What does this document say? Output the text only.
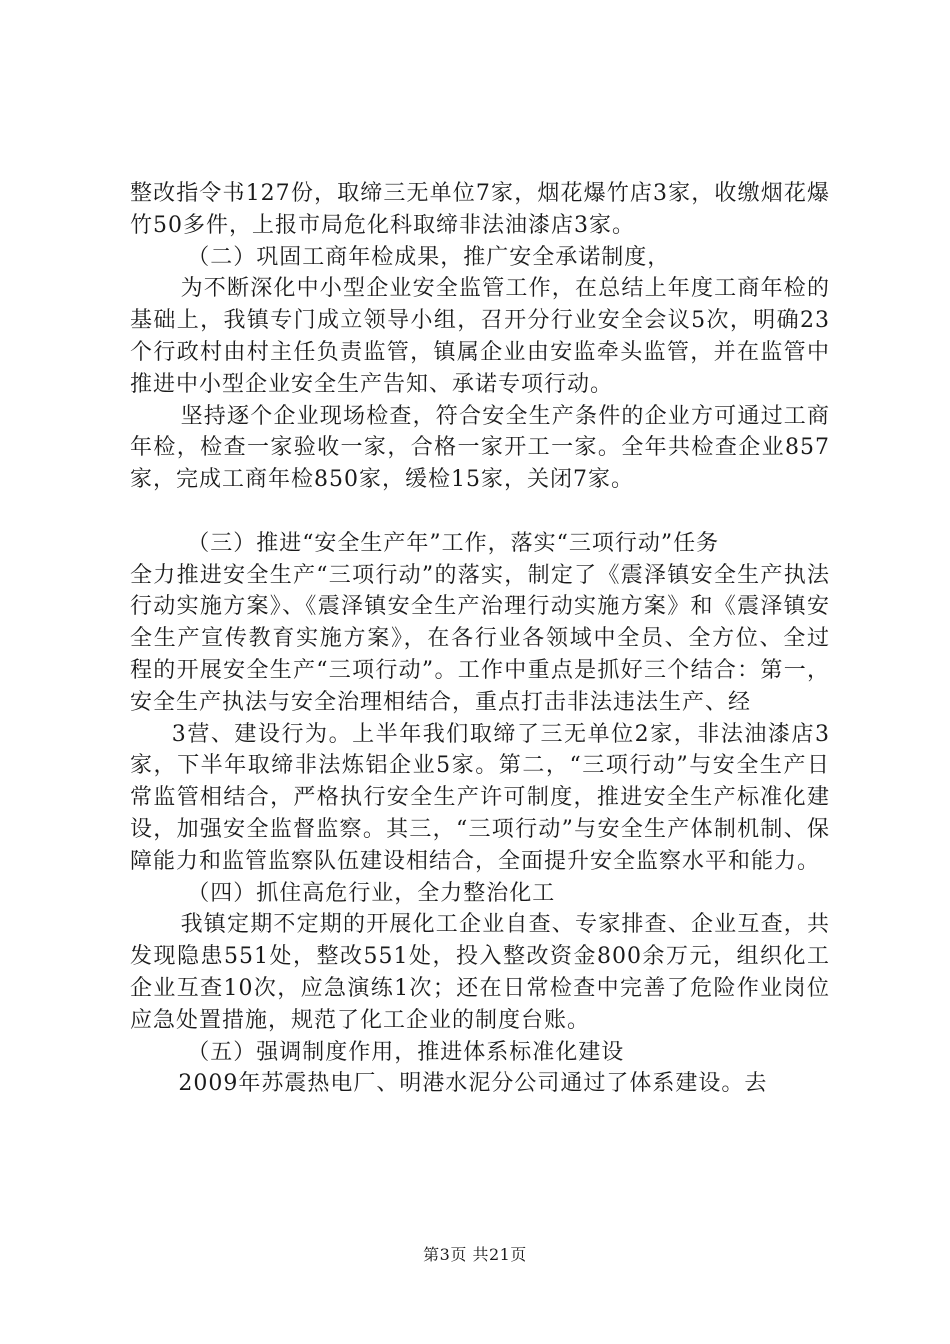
整改指令书127份，取缔三无单位7家，烟花爆竹店3家，收缴烟花爆竹50多件，上报市局危化科取缔非法油漆店3家。

（二）巩固工商年检成果，推广安全承诺制度，

为不断深化中小型企业安全监管工作，在总结上年度工商年检的基础上，我镇专门成立领导小组，召开分行业安全会议5次，明确23个行政村由村主任负责监管，镇属企业由安监牵头监管，并在监管中推进中小型企业安全生产告知、承诺专项行动。

坚持逐个企业现场检查，符合安全生产条件的企业方可通过工商年检，检查一家验收一家，合格一家开工一家。全年共检查企业857家，完成工商年检850家，缓检15家，关闭7家。

（三）推进“安全生产年”工作，落实“三项行动”任务

全力推进安全生产“三项行动”的落实，制定了《震泽镇安全生产执法行动实施方案》、《震泽镇安全生产治理行动实施方案》和《震泽镇安全生产宣传教育实施方案》，在各行业各领域中全员、全方位、全过程的开展安全生产“三项行动”。工作中重点是抓好三个结合：第一，安全生产执法与安全治理相结合，重点打击非法违法生产、经

3营、建设行为。上半年我们取缔了三无单位2家，非法油漆店3家，下半年取缔非法炼铝企业5家。第二，“三项行动”与安全生产日常监管相结合，严格执行安全生产许可制度，推进安全生产标准化建设，加强安全监督监察。其三，“三项行动”与安全生产体制机制、保障能力和监管监察队伍建设相结合，全面提升安全监察水平和能力。

（四）抓住高危行业，全力整治化工

我镇定期不定期的开展化工企业自查、专家排查、企业互查，共发现隐患551处，整改551处，投入整改资金800余万元，组织化工企业互查10次，应急演练1次；还在日常检查中完善了危险作业岗位应急处置措施，规范了化工企业的制度台账。

（五）强调制度作用，推进体系标准化建设

2009年苏震热电厂、明港水泥分公司通过了体系建设。去

第3页 共21页
